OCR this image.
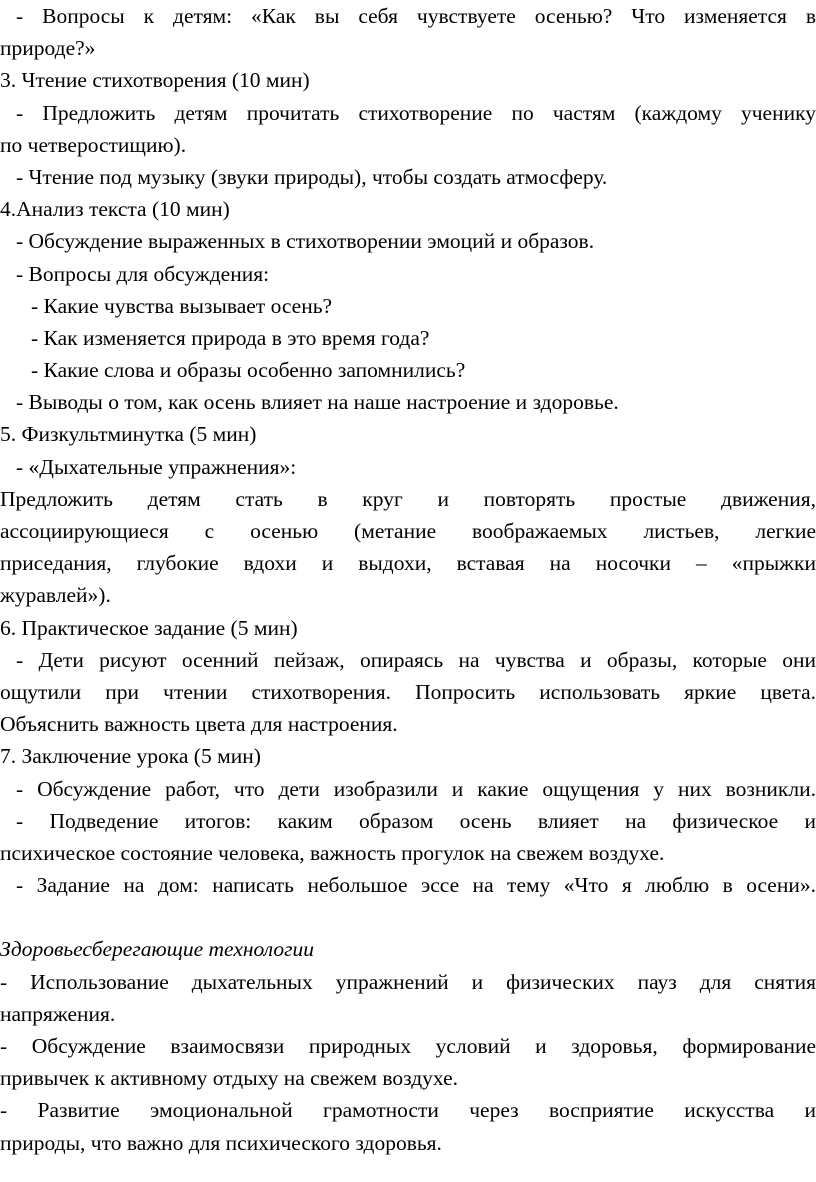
- Вопросы к детям: «Как вы себя чувствуете осенью? Что изменяется в
природе?»
3. Чтение стихотворения (10 мин)
- Предложить детям прочитать стихотворение по частям (каждому ученику
по четверостищию).
- Чтение под музыку (звуки природы), чтобы создать атмосферу.
4.Анализ текста (10 мин)
- Обсуждение выраженных в стихотворении эмоций и образов.
- Вопросы для обсуждения:
- Какие чувства вызывает осень?
- Как изменяется природа в это время года?
- Какие слова и образы особенно запомнились?
- Выводы о том, как осень влияет на наше настроение и здоровье.
5. Физкультминутка (5 мин)
- «Дыхательные упражнения»:
Предложить детям стать в круг и повторять простые движения,
ассоциирующиеся с осенью (метание воображаемых листьев, легкие
приседания, глубокие вдохи и выдохи, вставая на носочки – «прыжки
журавлей»).
6. Практическое задание (5 мин)
- Дети рисуют осенний пейзаж, опираясь на чувства и образы, которые они
ощутили при чтении стихотворения. Попросить использовать яркие цвета.
Объяснить важность цвета для настроения.
7. Заключение урока (5 мин)
- Обсуждение работ, что дети изобразили и какие ощущения у них возникли.
- Подведение итогов: каким образом осень влияет на физическое и
психическое состояние человека, важность прогулок на свежем воздухе.
- Задание на дом: написать небольшое эссе на тему «Что я люблю в осени».
Здоровьесберегающие технологии
- Использование дыхательных упражнений и физических пауз для снятия
напряжения.
- Обсуждение взаимосвязи природных условий и здоровья, формирование
привычек к активному отдыху на свежем воздухе.
- Развитие эмоциональной грамотности через восприятие искусства и
природы, что важно для психического здоровья.
